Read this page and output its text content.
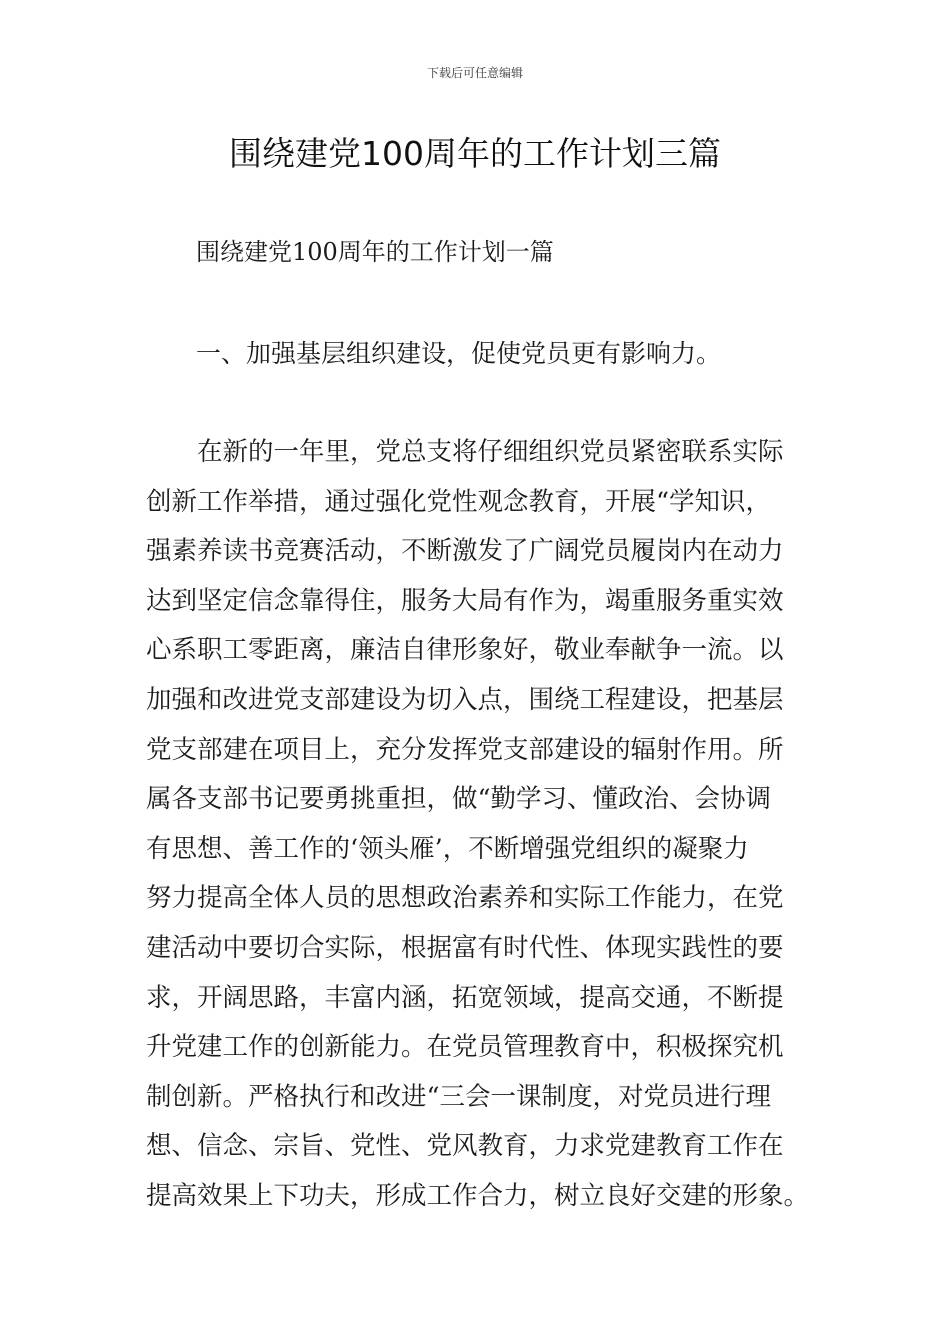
下载后可任意编辑
围绕建党100周年的工作计划三篇
围绕建党100周年的工作计划一篇
一、加强基层组织建设，促使党员更有影响力。
在新的一年里，党总支将仔细组织党员紧密联系实际
创新工作举措，通过强化党性观念教育，开展“学知识，
强素养读书竞赛活动，不断激发了广阔党员履岗内在动力
达到坚定信念靠得住，服务大局有作为，竭重服务重实效
心系职工零距离，廉洁自律形象好，敬业奉献争一流。以
加强和改进党支部建设为切入点，围绕工程建设，把基层
党支部建在项目上，充分发挥党支部建设的辐射作用。所
属各支部书记要勇挑重担，做“勤学习、懂政治、会协调
有思想、善工作的‘领头雁’，不断增强党组织的凝聚力
努力提高全体人员的思想政治素养和实际工作能力，在党
建活动中要切合实际，根据富有时代性、体现实践性的要
求，开阔思路，丰富内涵，拓宽领域，提高交通，不断提
升党建工作的创新能力。在党员管理教育中，积极探究机
制创新。严格执行和改进“三会一课制度，对党员进行理
想、信念、宗旨、党性、党风教育，力求党建教育工作在
提高效果上下功夫，形成工作合力，树立良好交建的形象。
